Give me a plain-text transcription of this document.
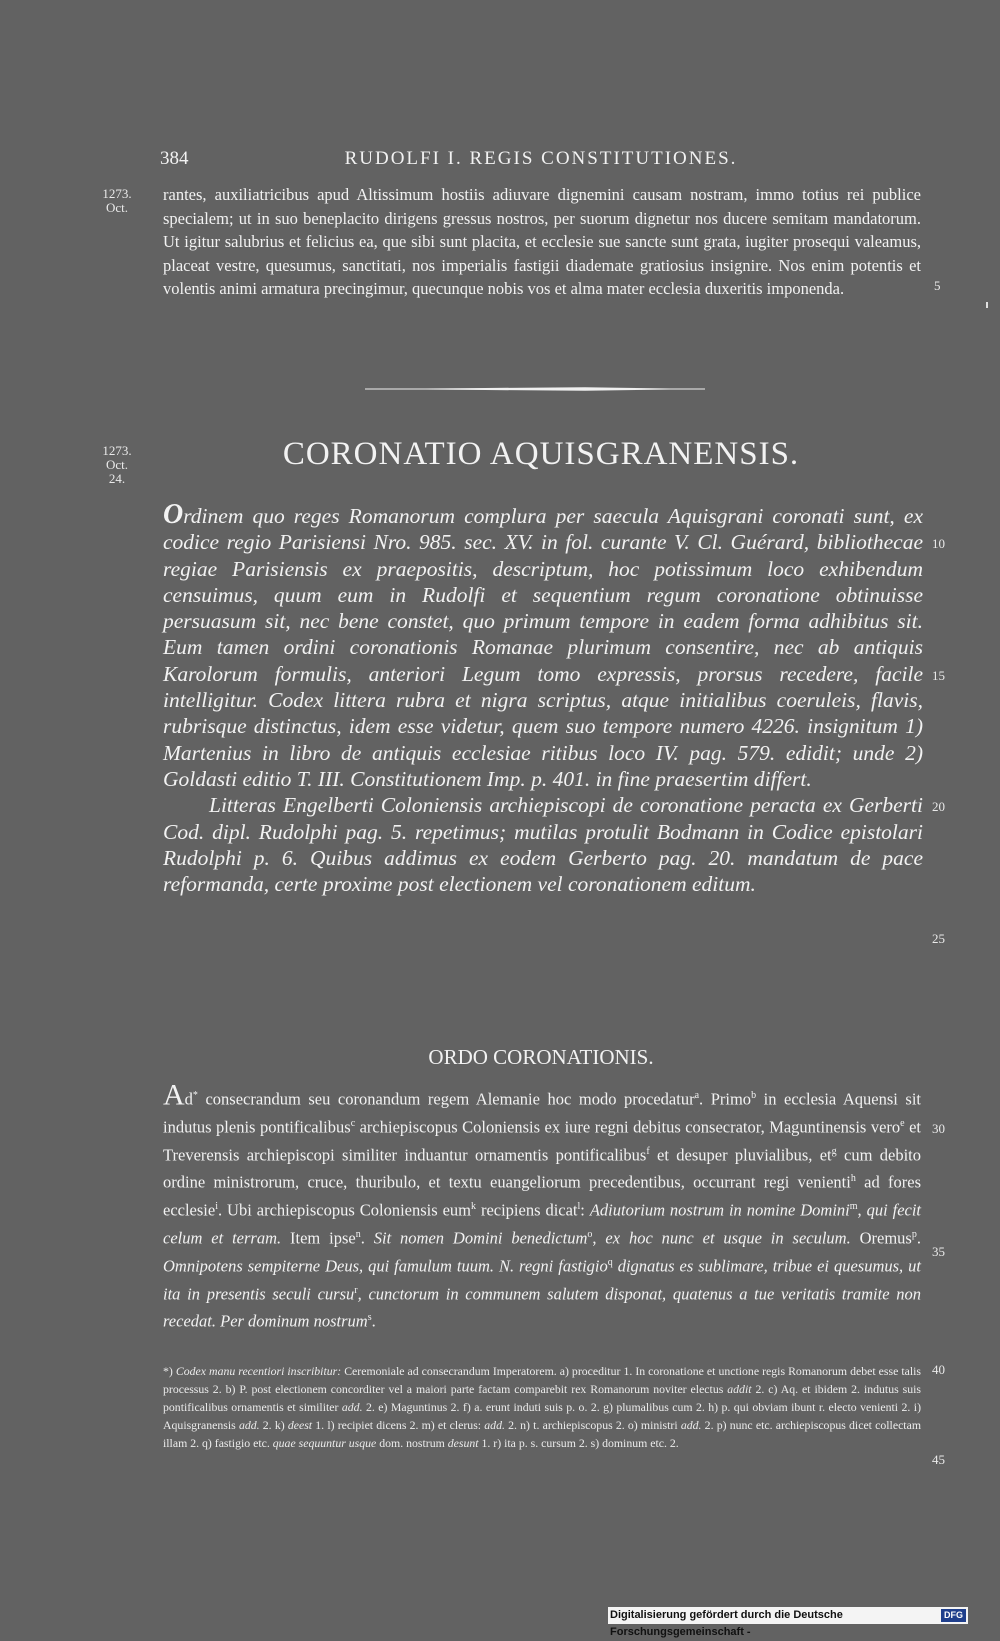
384	RUDOLFI I. REGIS CONSTITUTIONES.
1273.
Oct.
1273.
Oct.
24.
5
10
15
20
25
30
35
40
45
rantes, auxiliatricibus apud Altissimum hostiis adiuvare dignemini causam nostram, immo totius rei publice specialem; ut in suo beneplacito dirigens gressus nostros, per suorum dignetur nos ducere semitam mandatorum. Ut igitur salubrius et felicius ea, que sibi sunt placita, et ecclesie sue sancte sunt grata, iugiter prosequi valeamus, placeat vestre, quesumus, sanctitati, nos imperialis fastigii diademate gratiosius insignire. Nos enim potentis et volentis animi armatura precingimur, quecunque nobis vos et alma mater ecclesia duxeritis imponenda.
CORONATIO AQUISGRANENSIS.

Ordinem quo reges Romanorum complura per saecula Aquisgrani coronati sunt, ex codice regio Parisiensi Nro. 985. sec. XV. in fol. curante V. Cl. Guérard, bibliothecae regiae Parisiensis ex praepositis, descriptum, hoc potissimum loco exhibendum censuimus, quum eum in Rudolfi et sequentium regum coronatione obtinuisse persuasum sit, nec bene constet, quo primum tempore in eadem forma adhibitus sit. Eum tamen ordini coronationis Romanae plurimum consentire, nec ab antiquis Karolorum formulis, anteriori Legum tomo expressis, prorsus recedere, facile intelligitur. Codex littera rubra et nigra scriptus, atque initialibus coeruleis, flavis, rubrisque distinctus, idem esse videtur, quem suo tempore numero 4226. insignitum 1) Martenius in libro de antiquis ecclesiae ritibus loco IV. pag. 579. edidit; unde 2) Goldasti editio T. III. Constitutionem Imp. p. 401. in fine praesertim differt.

Litteras Engelberti Coloniensis archiepiscopi de coronatione peracta ex Gerberti Cod. dipl. Rudolphi pag. 5. repetimus; mutilas protulit Bodmann in Codice epistolari Rudolphi p. 6. Quibus addimus ex eodem Gerberto pag. 20. mandatum de pace reformanda, certe proxime post electionem vel coronationem editum.

ORDO CORONATIONIS.
Ad* consecrandum seu coronandum regem Alemanie hoc modo procedatur$^a$. Primo$^b$ in ecclesia Aquensi sit indutus plenis pontificalibus$^c$ archiepiscopus Coloniensis ex iure regni debitus consecrator, Maguntinensis vero$^e$ et Treverensis archiepiscopi similiter induantur ornamentis pontificalibus$^f$ et desuper pluvialibus, $et^g$ cum debito ordine ministrorum, cruce, thuribulo, et textu euangeliorum precedentibus, occurrant regi venienti$^h$ ad fores ecclesie$^i$. Ubi archiepiscopus Coloniensis eum$^k$ recipiens dicat$^l$: Adiutorium nostrum in nomine Domini$^m$, qui fecit celum et terram. Item ipse$^n$. Sit nomen Domini benedictum$^o$, ex hoc nunc et usque in seculum. Oremus$^p$. Omnipotens sempiterne Deus, qui famulum tuum. N. regni fastigio$^q$ dignatus es sublimare, tribue ei quesumus, ut ita in presentis seculi cursu$^r$, cunctorum in communem salutem disponat, quatenus a tue veritatis tramite non recedat. Per dominum nostrum$^s$.
*) Codex manu recentiori inscribitur: Ceremoniale ad consecrandum Imperatorem. a) proceditur 1. In coronatione et unctione regis Romanorum debet esse talis processus 2. b) P. post electionem concorditer vel a maiori parte factam comparebit rex Romanorum noviter electus addit 2. c) Aq. et ibidem 2. indutus suis pontificalibus ornamentis et similiter add. 2. e) Maguntinus 2. f) a. erunt induti suis p. o. 2. g) plumalibus cum 2. h) p. qui obviam ibunt r. electo venienti 2. i) Aquisgranensis add. 2. k) deest 1. l) recipiet dicens 2. m) et clerus: add. 2. n) t. archiepiscopus 2. o) ministri add. 2. p) nunc etc. archiepiscopus dicet collectam illam 2. q) fastigio etc. quae sequuntur usque dom. nostrum desunt 1. r) ita p. s. cursum 2. s) dominum etc. 2.
Digitalisierung gefördert durch die Deutsche Forschungsgemeinschaft -
DFG
